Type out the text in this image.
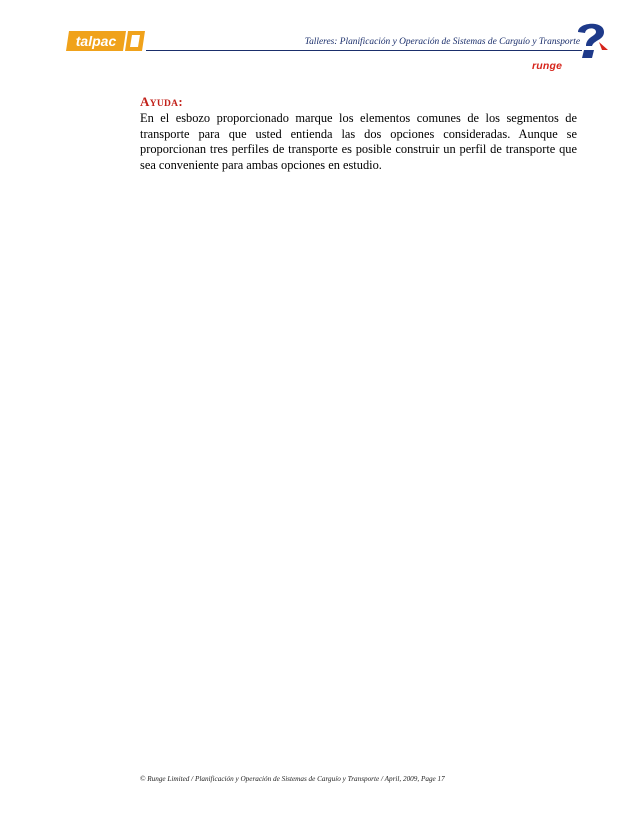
talpac	Talleres: Planificación y Operación de Sistemas de Carguío y Transporte
runge
AYUDA:
En el esbozo proporcionado marque los elementos comunes de los segmentos de transporte para que usted entienda las dos opciones consideradas. Aunque se proporcionan tres perfiles de transporte es posible construir un perfil de transporte que sea conveniente para ambas opciones en estudio.
© Runge Limited / Planificación y Operación de Sistemas de Carguío y Transporte / April, 2009, Page 17
